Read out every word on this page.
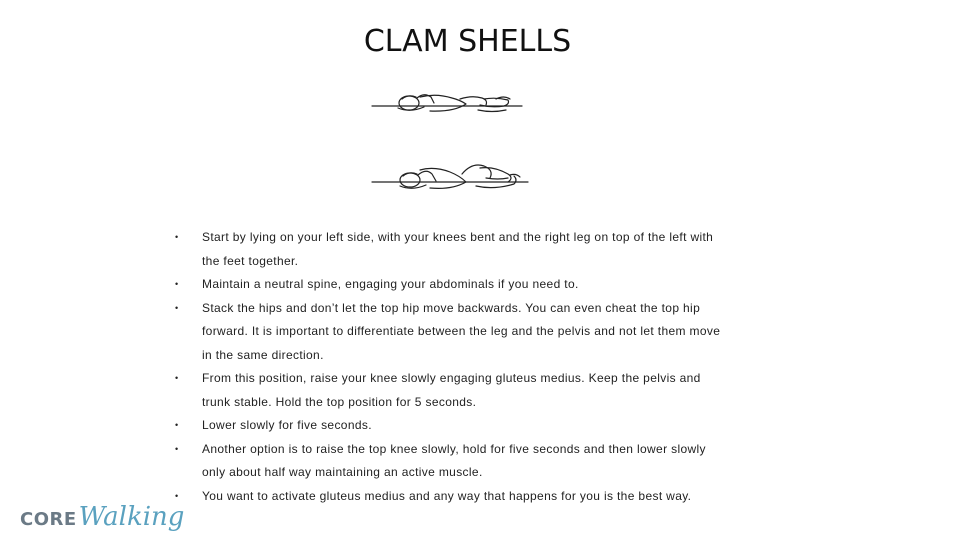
CLAM SHELLS
• Start by lying on your left side, with your knees bent and the right leg on top of the left with the feet together.
• Maintain a neutral spine, engaging your abdominals if you need to.
• Stack the hips and don’t let the top hip move backwards. You can even cheat the top hip forward. It is important to differentiate between the leg and the pelvis and not let them move in the same direction.
• From this position, raise your knee slowly engaging gluteus medius. Keep the pelvis and trunk stable. Hold the top position for 5 seconds.
• Lower slowly for five seconds.
• Another option is to raise the top knee slowly, hold for five seconds and then lower slowly only about half way maintaining an active muscle.
• You want to activate gluteus medius and any way that happens for you is the best way.
CORE Walking
